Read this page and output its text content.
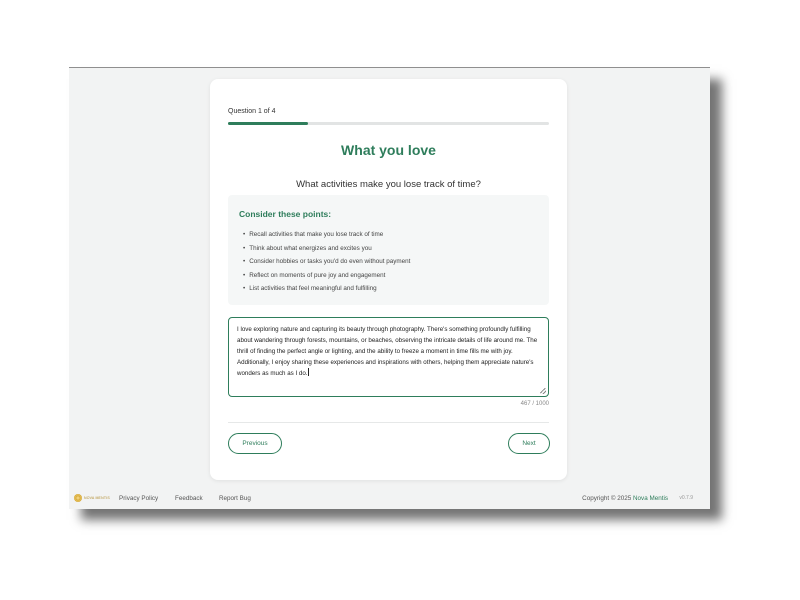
Question 1 of 4
What you love
What activities make you lose track of time?
Consider these points:
• Recall activities that make you lose track of time
• Think about what energizes and excites you
• Consider hobbies or tasks you'd do even without payment
• Reflect on moments of pure joy and engagement
• List activities that feel meaningful and fulfilling
I love exploring nature and capturing its beauty through photography. There's something profoundly fulfilling about wandering through forests, mountains, or beaches, observing the intricate details of life around me. The thrill of finding the perfect angle or lighting, and the ability to freeze a moment in time fills me with joy. Additionally, I enjoy sharing these experiences and inspirations with others, helping them appreciate nature's wonders as much as I do.
467 / 1000
Previous	Next
NOVA MENTIS Privacy Policy	Feedback	Report Bug	Copyright © 2025 Nova Mentis v0.7.9
